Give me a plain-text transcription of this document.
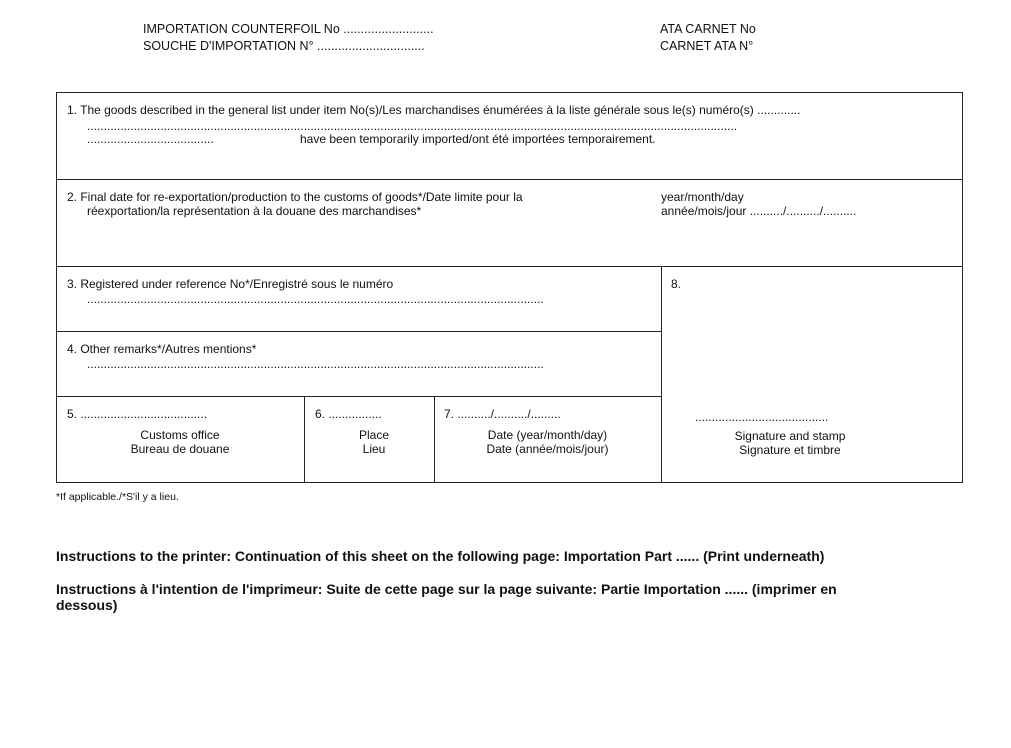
IMPORTATION COUNTERFOIL No ..........................
SOUCHE D'IMPORTATION N° ...............................
ATA CARNET No
CARNET ATA N°
1. The goods described in the general list under item No(s)/Les marchandises énumérées à la liste générale sous le(s) numéro(s) .............
...................................................................................................................................................................................................
......................................	have been temporarily imported/ont été importées temporairement.
2. Final date for re-exportation/production to the customs of goods*/Date limite pour la
réexportation/la représentation à la douane des marchandises*
year/month/day
année/mois/jour ........../........../..........
3. Registered under reference No*/Enregistré sous le numéro
.........................................................................................................................................
4. Other remarks*/Autres mentions*
.........................................................................................................................................
5. ......................................
Customs office
Bureau de douane
6. ................
Place
Lieu
7. ........../........../.........
Date (year/month/day)
Date (année/mois/jour)
8.
........................................
Signature and stamp
Signature et timbre
*If applicable./*S'il y a lieu.
Instructions to the printer: Continuation of this sheet on the following page: Importation Part ...... (Print underneath)
Instructions à l'intention de l'imprimeur: Suite de cette page sur la page suivante: Partie Importation ...... (imprimer en
dessous)
